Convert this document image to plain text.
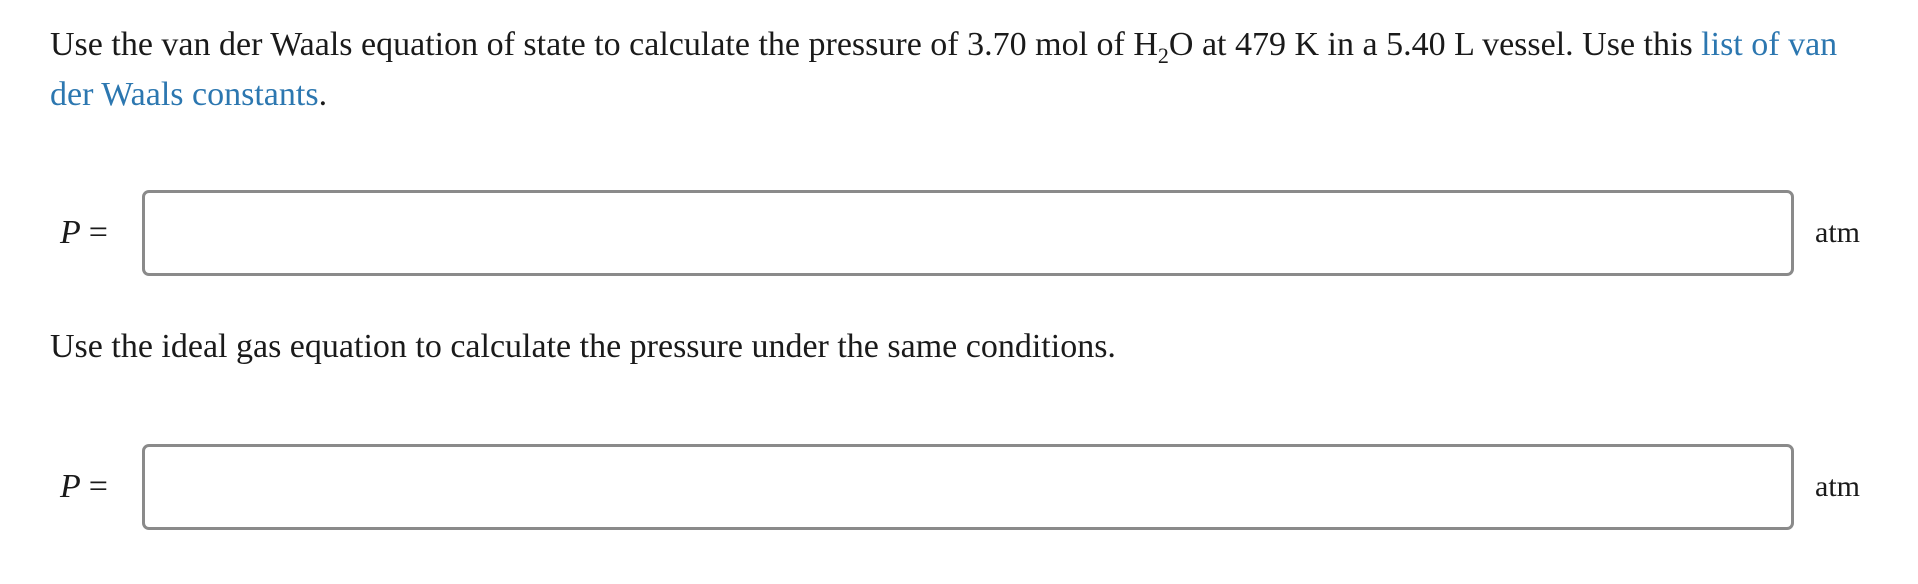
Use the van der Waals equation of state to calculate the pressure of 3.70 mol of $H_2O$ at 479 K in a 5.40 L vessel. Use this list of van der Waals constants.

P =	atm

Use the ideal gas equation to calculate the pressure under the same conditions.

P =	atm
